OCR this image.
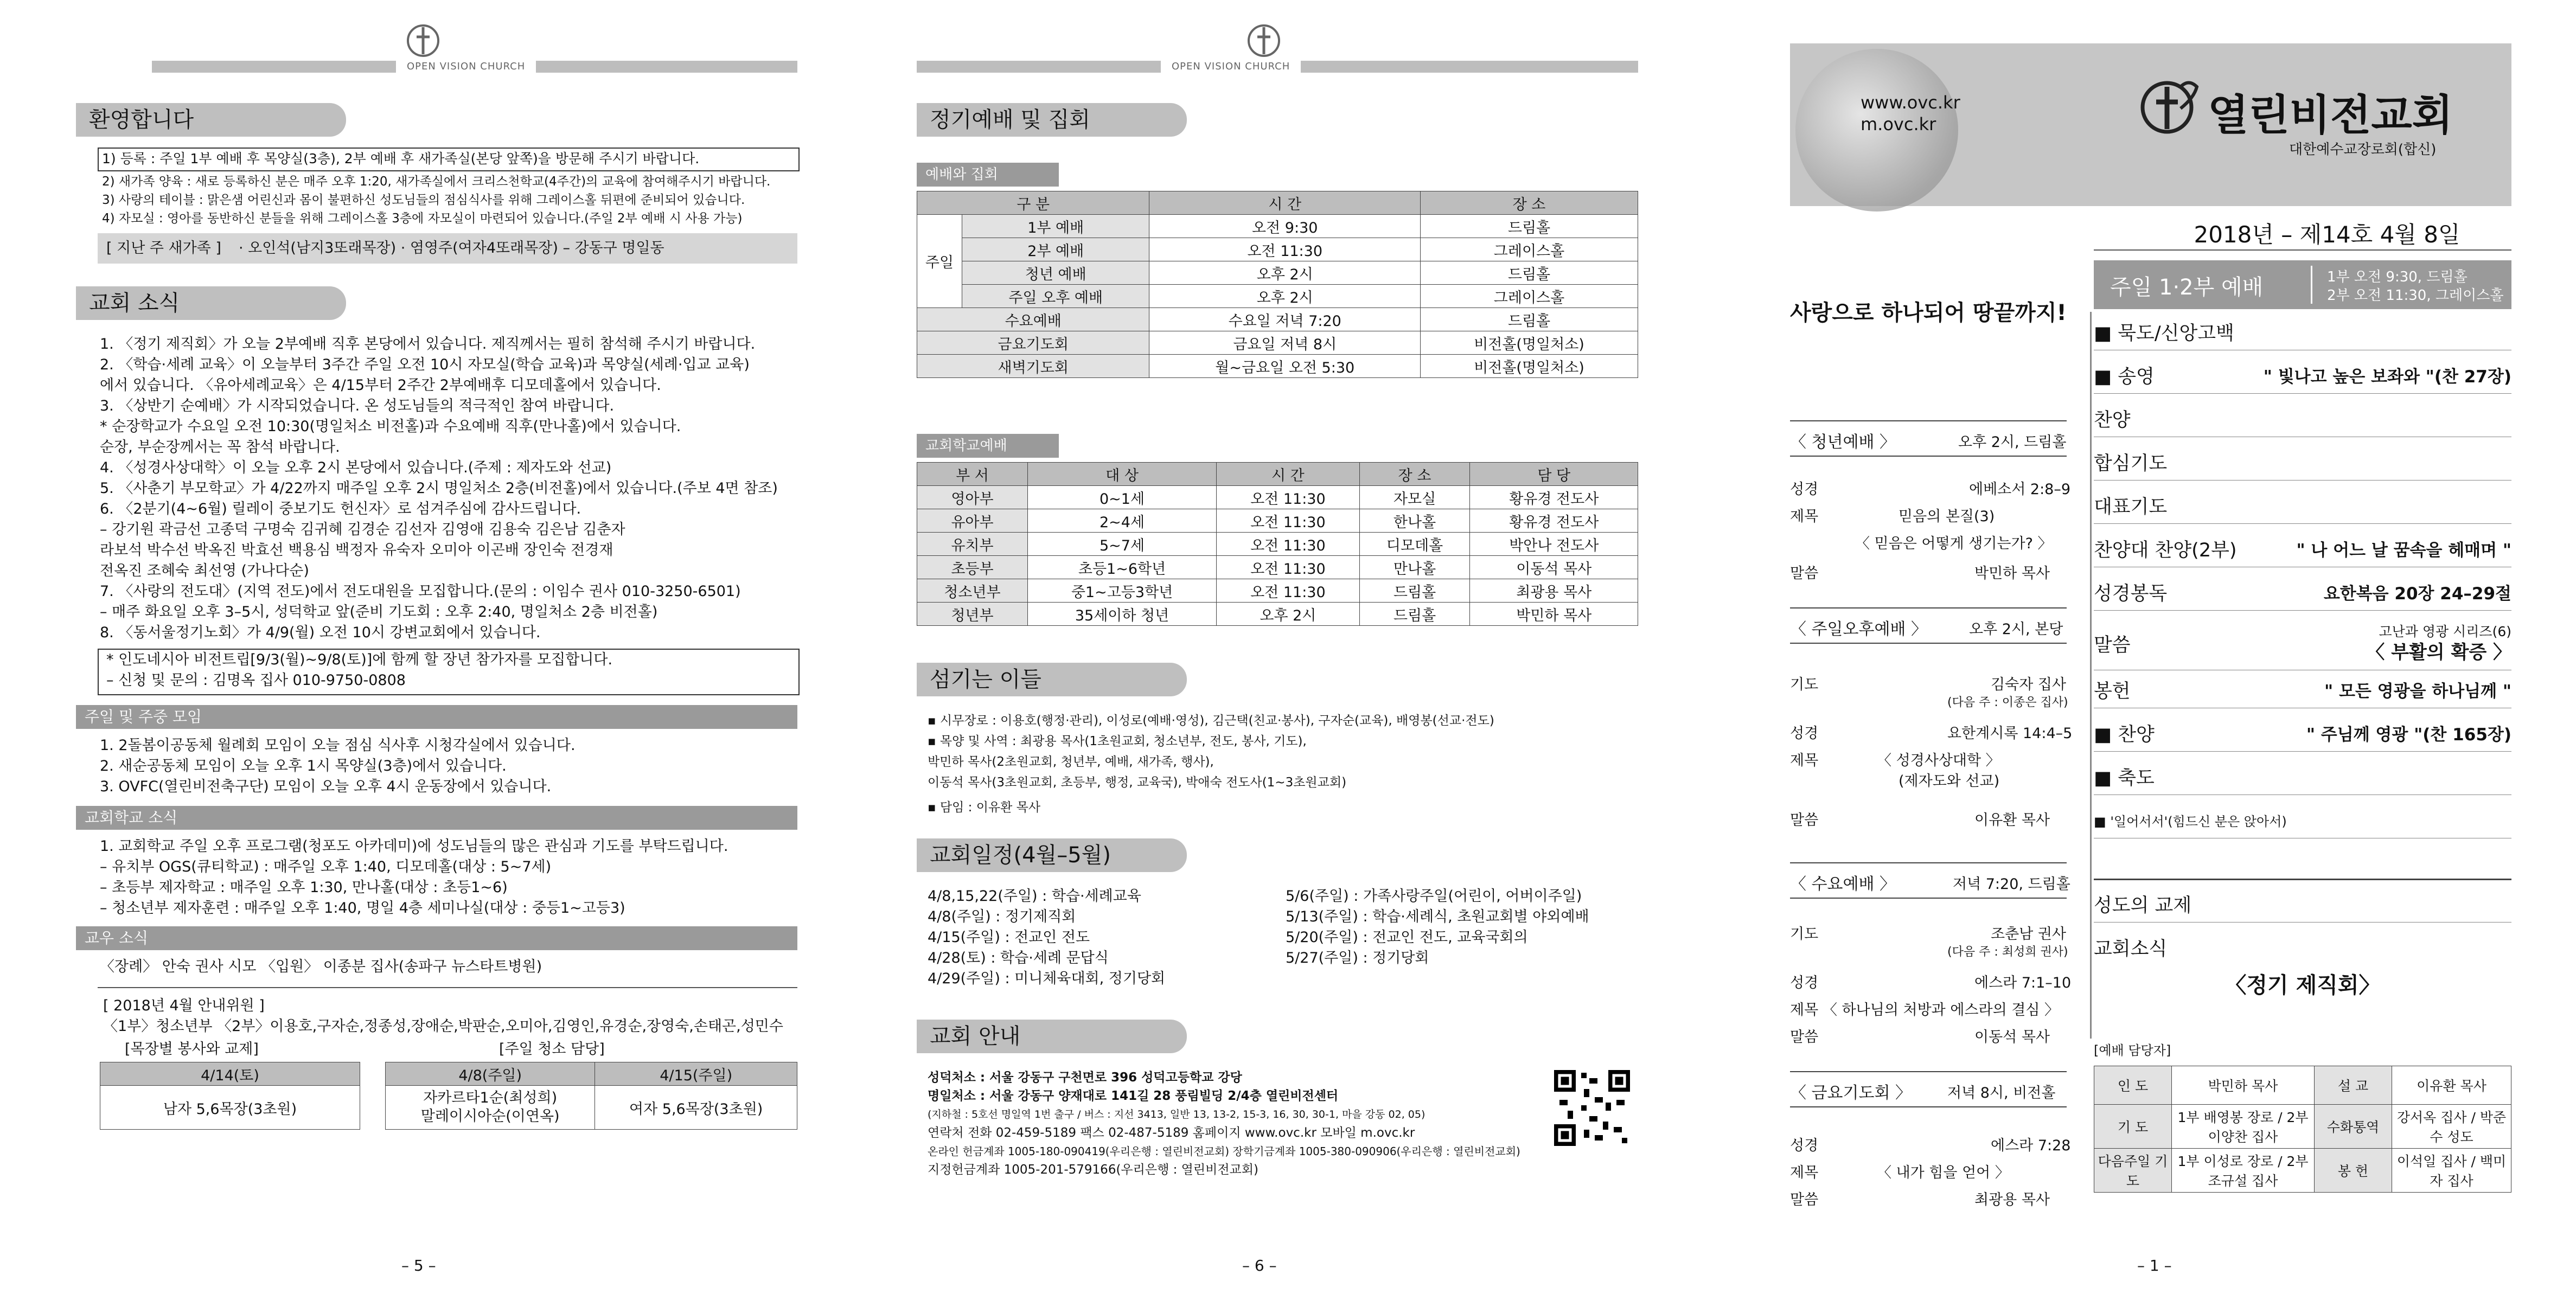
OPEN VISION CHURCH
환영합니다
1) 등록 : 주일 1부 예배 후 목양실(3층), 2부 예배 후 새가족실(본당 앞쪽)을 방문해 주시기 바랍니다.
2) 새가족 양육 : 새로 등록하신 분은 매주 오후 1:20, 새가족실에서 크리스천학교(4주간)의 교육에 참여해주시기 바랍니다.
3) 사랑의 테이블 : 맑은샘 어린신과 몸이 불편하신 성도님들의 점심식사를 위해 그레이스홀 뒤편에 준비되어 있습니다.
4) 자모실 : 영아를 동반하신 분들을 위해 그레이스홀 3층에 자모실이 마련되어 있습니다.(주일 2부 예배 시 사용 가능)
[ 지난 주 새가족 ] · 오인석(남지3또래목장) · 염영주(여자4또래목장) – 강동구 명일동
교회 소식
1. 〈정기 제직회〉가 오늘 2부예배 직후 본당에서 있습니다. 제직께서는 필히 참석해 주시기 바랍니다.
2. 〈학습·세례 교육〉이 오늘부터 3주간 주일 오전 10시 자모실(학습 교육)과 목양실(세례·입교 교육)
에서 있습니다. 〈유아세례교육〉은 4/15부터 2주간 2부예배후 디모데홀에서 있습니다.
3. 〈상반기 순예배〉가 시작되었습니다. 온 성도님들의 적극적인 참여 바랍니다.
* 순장학교가 수요일 오전 10:30(명일처소 비전홀)과 수요예배 직후(만나홀)에서 있습니다.
순장, 부순장께서는 꼭 참석 바랍니다.
4. 〈성경사상대학〉이 오늘 오후 2시 본당에서 있습니다.(주제 : 제자도와 선교)
5. 〈사춘기 부모학교〉가 4/22까지 매주일 오후 2시 명일처소 2층(비전홀)에서 있습니다.(주보 4면 참조)
6. 〈2분기(4~6월) 릴레이 중보기도 헌신자〉로 섬겨주심에 감사드립니다.
– 강기원 곽금선 고종덕 구명숙 김귀혜 김경순 김선자 김영애 김용숙 김은남 김춘자
라보석 박수선 박옥진 박효선 백용심 백정자 유숙자 오미아 이곤배 장인숙 전경재
전옥진 조혜숙 최선영 (가나다순)
7. 〈사랑의 전도대〉(지역 전도)에서 전도대원을 모집합니다.(문의 : 이임수 권사 010-3250-6501)
– 매주 화요일 오후 3–5시, 성덕학교 앞(준비 기도회 : 오후 2:40, 명일처소 2층 비전홀)
8. 〈동서울정기노회〉가 4/9(월) 오전 10시 강변교회에서 있습니다.
* 인도네시아 비전트립[9/3(월)~9/8(토)]에 함께 할 장년 참가자를 모집합니다.
– 신청 및 문의 : 김명옥 집사 010-9750-0808
주일 및 주중 모임
1. 2돌봄이공동체 월례회 모임이 오늘 점심 식사후 시청각실에서 있습니다.
2. 새순공동체 모임이 오늘 오후 1시 목양실(3층)에서 있습니다.
3. OVFC(열린비전축구단) 모임이 오늘 오후 4시 운동장에서 있습니다.
교회학교 소식
1. 교회학교 주일 오후 프로그램(청포도 아카데미)에 성도님들의 많은 관심과 기도를 부탁드립니다.
– 유치부 OGS(큐티학교) : 매주일 오후 1:40, 디모데홀(대상 : 5~7세)
– 초등부 제자학교 : 매주일 오후 1:30, 만나홀(대상 : 초등1~6)
– 청소년부 제자훈련 : 매주일 오후 1:40, 명일 4층 세미나실(대상 : 중등1~고등3)
교우 소식
〈장례〉 안숙 권사 시모 〈입원〉 이종분 집사(송파구 뉴스타트병원)
[ 2018년 4월 안내위원 ]
〈1부〉청소년부 〈2부〉이용호,구자순,정종성,장애순,박판순,오미아,김영인,유경순,장영숙,손태곤,성민수
[목장별 봉사와 교제]	[주일 청소 담당]
4/14(토)
남자 5,6목장(3초원)
4/8(주일)	4/15(주일)

자카르타1순(최성희)
말레이시아순(이연옥)	여자 5,6목장(3초원)
– 5 –
OPEN VISION CHURCH
정기예배 및 집회
예배와 집회
구 분		시 간	장 소
주일	1부 예배	오전 9:30	드림홀
	2부 예배	오전 11:30	그레이스홀
	청년 예배	오후 2시	드림홀
	주일 오후 예배	오후 2시	그레이스홀
수요예배		수요일 저녁 7:20	드림홀
금요기도회		금요일 저녁 8시	비전홀(명일처소)
새벽기도회		월~금요일 오전 5:30	비전홀(명일처소)
교회학교예배
부 서	대 상	시 간	장 소	담 당
영아부	0~1세	오전 11:30	자모실	황유경 전도사
유아부	2~4세	오전 11:30	한나홀	황유경 전도사
유치부	5~7세	오전 11:30	디모데홀	박안나 전도사
초등부	초등1~6학년	오전 11:30	만나홀	이동석 목사
청소년부	중1~고등3학년	오전 11:30	드림홀	최광용 목사
청년부	35세이하 청년	오후 2시	드림홀	박민하 목사
섬기는 이들
▪ 시무장로 : 이용호(행정·관리), 이성로(예배·영성), 김근택(친교·봉사), 구자순(교육), 배영봉(선교·전도)
▪ 목양 및 사역 : 최광용 목사(1초원교회, 청소년부, 전도, 봉사, 기도),
박민하 목사(2초원교회, 청년부, 예배, 새가족, 행사),
이동석 목사(3초원교회, 초등부, 행정, 교육국), 박애숙 전도사(1~3초원교회)
▪ 담임 : 이유환 목사
교회일정(4월–5월)
4/8,15,22(주일) : 학습·세례교육
4/8(주일) : 정기제직회
4/15(주일) : 전교인 전도
4/28(토) : 학습·세례 문답식
4/29(주일) : 미니체육대회, 정기당회
5/6(주일) : 가족사랑주일(어린이, 어버이주일)
5/13(주일) : 학습·세례식, 초원교회별 야외예배
5/20(주일) : 전교인 전도, 교육국회의
5/27(주일) : 정기당회
교회 안내
성덕처소 : 서울 강동구 구천면로 396 성덕고등학교 강당
명일처소 : 서울 강동구 양재대로 141길 28 풍림빌딩 2/4층 열린비전센터
(지하철 : 5호선 명일역 1번 출구 / 버스 : 지선 3413, 일반 13, 13-2, 15-3, 16, 30, 30-1, 마을 강동 02, 05)
연락처 전화 02-459-5189 팩스 02-487-5189 홈페이지 www.ovc.kr 모바일 m.ovc.kr
온라인 헌금계좌 1005-180-090419(우리은행 : 열린비전교회) 장학기금계좌 1005-380-090906(우리은행 : 열린비전교회)
지정헌금계좌 1005-201-579166(우리은행 : 열린비전교회)
– 6 –
www.ovc.kr
m.ovc.kr	열린비전교회
대한예수교장로회(합신)
2018년 – 제14호 4월 8일
주일 1·2부 예배	1부 오전 9:30, 드림홀
2부 오전 11:30, 그레이스홀
사랑으로 하나되어 땅끝까지!
〈 청년예배 〉	오후 2시, 드림홀
성경	에베소서 2:8–9
제목	믿음의 본질(3)
〈 믿음은 어떻게 생기는가? 〉
말씀	박민하 목사
〈 주일오후예배 〉	오후 2시, 본당
기도	김숙자 집사
(다음 주 : 이종은 집사)
성경	요한계시록 14:4–5
제목	〈 성경사상대학 〉
(제자도와 선교)
말씀	이유환 목사
〈 수요예배 〉	저녁 7:20, 드림홀
기도	조춘남 권사
(다음 주 : 최성희 권사)
성경	에스라 7:1–10
제목 〈 하나님의 처방과 에스라의 결심 〉
말씀	이동석 목사
〈 금요기도회 〉 저녁 8시, 비전홀
성경	에스라 7:28
제목	〈 내가 힘을 얻어 〉
말씀	최광용 목사
■ 묵도/신앙고백
■ 송영	" 빛나고 높은 보좌와 "(찬 27장)
찬양
합심기도
대표기도
찬양대 찬양(2부)	" 나 어느 날 꿈속을 헤매며 "
성경봉독	요한복음 20장 24–29절
말씀
고난과 영광 시리즈(6)
〈 부활의 확증 〉
봉헌	" 모든 영광을 하나님께 "
■ 찬양	" 주님께 영광 "(찬 165장)
■ 축도
■ '일어서서'(힘드신 분은 앉아서)
성도의 교제
교회소식
〈정기 제직회〉
[예배 담당자]
인 도	박민하 목사	설 교	이유환 목사
기 도	1부 배영봉 장로 / 2부 이양찬 집사	수화통역	강서옥 집사 / 박준수 성도
다음주일 기도	1부 이성로 장로 / 2부 조규설 집사	봉 헌	이석일 집사 / 백미자 집사
– 1 –
